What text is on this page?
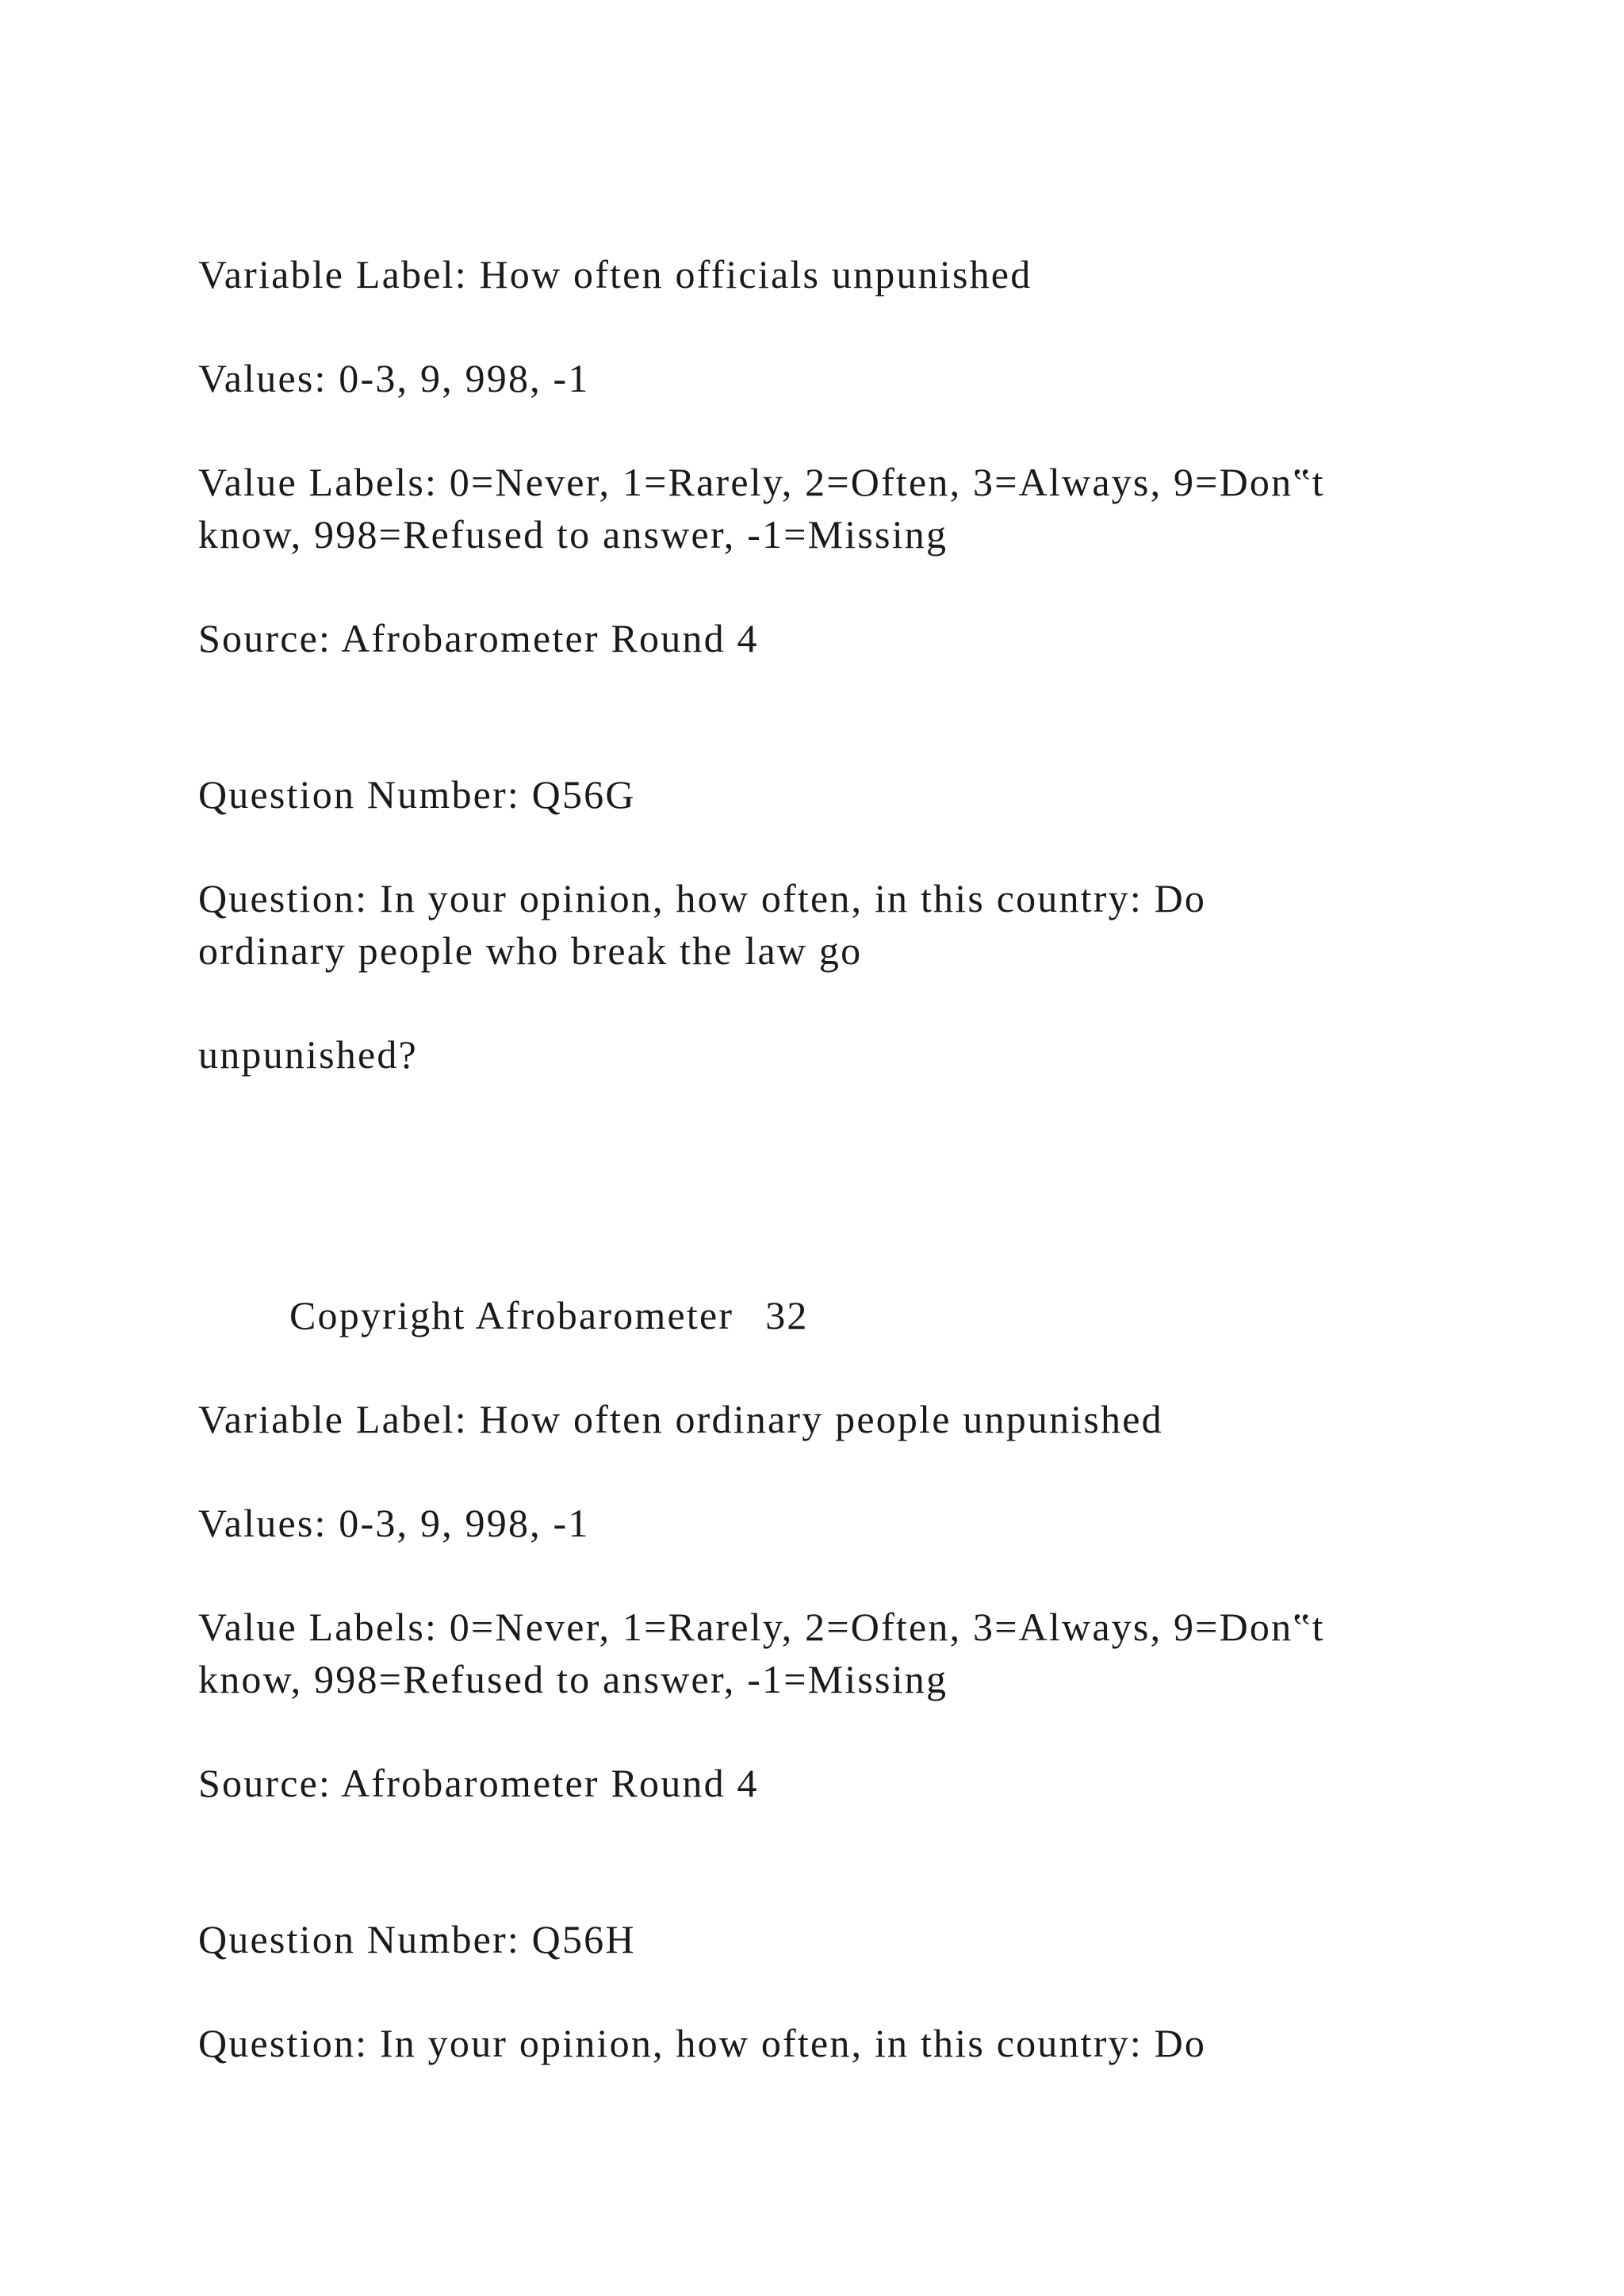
Variable Label: How often officials unpunished

Values: 0-3, 9, 998, -1

Value Labels: 0=Never, 1=Rarely, 2=Often, 3=Always, 9=Don‟t

know, 998=Refused to answer, -1=Missing

Source: Afrobarometer Round 4

Question Number: Q56G

Question: In your opinion, how often, in this country: Do

ordinary people who break the law go

unpunished?

Copyright Afrobarometer 32

Variable Label: How often ordinary people unpunished

Values: 0-3, 9, 998, -1

Value Labels: 0=Never, 1=Rarely, 2=Often, 3=Always, 9=Don‟t

know, 998=Refused to answer, -1=Missing

Source: Afrobarometer Round 4

Question Number: Q56H

Question: In your opinion, how often, in this country: Do
